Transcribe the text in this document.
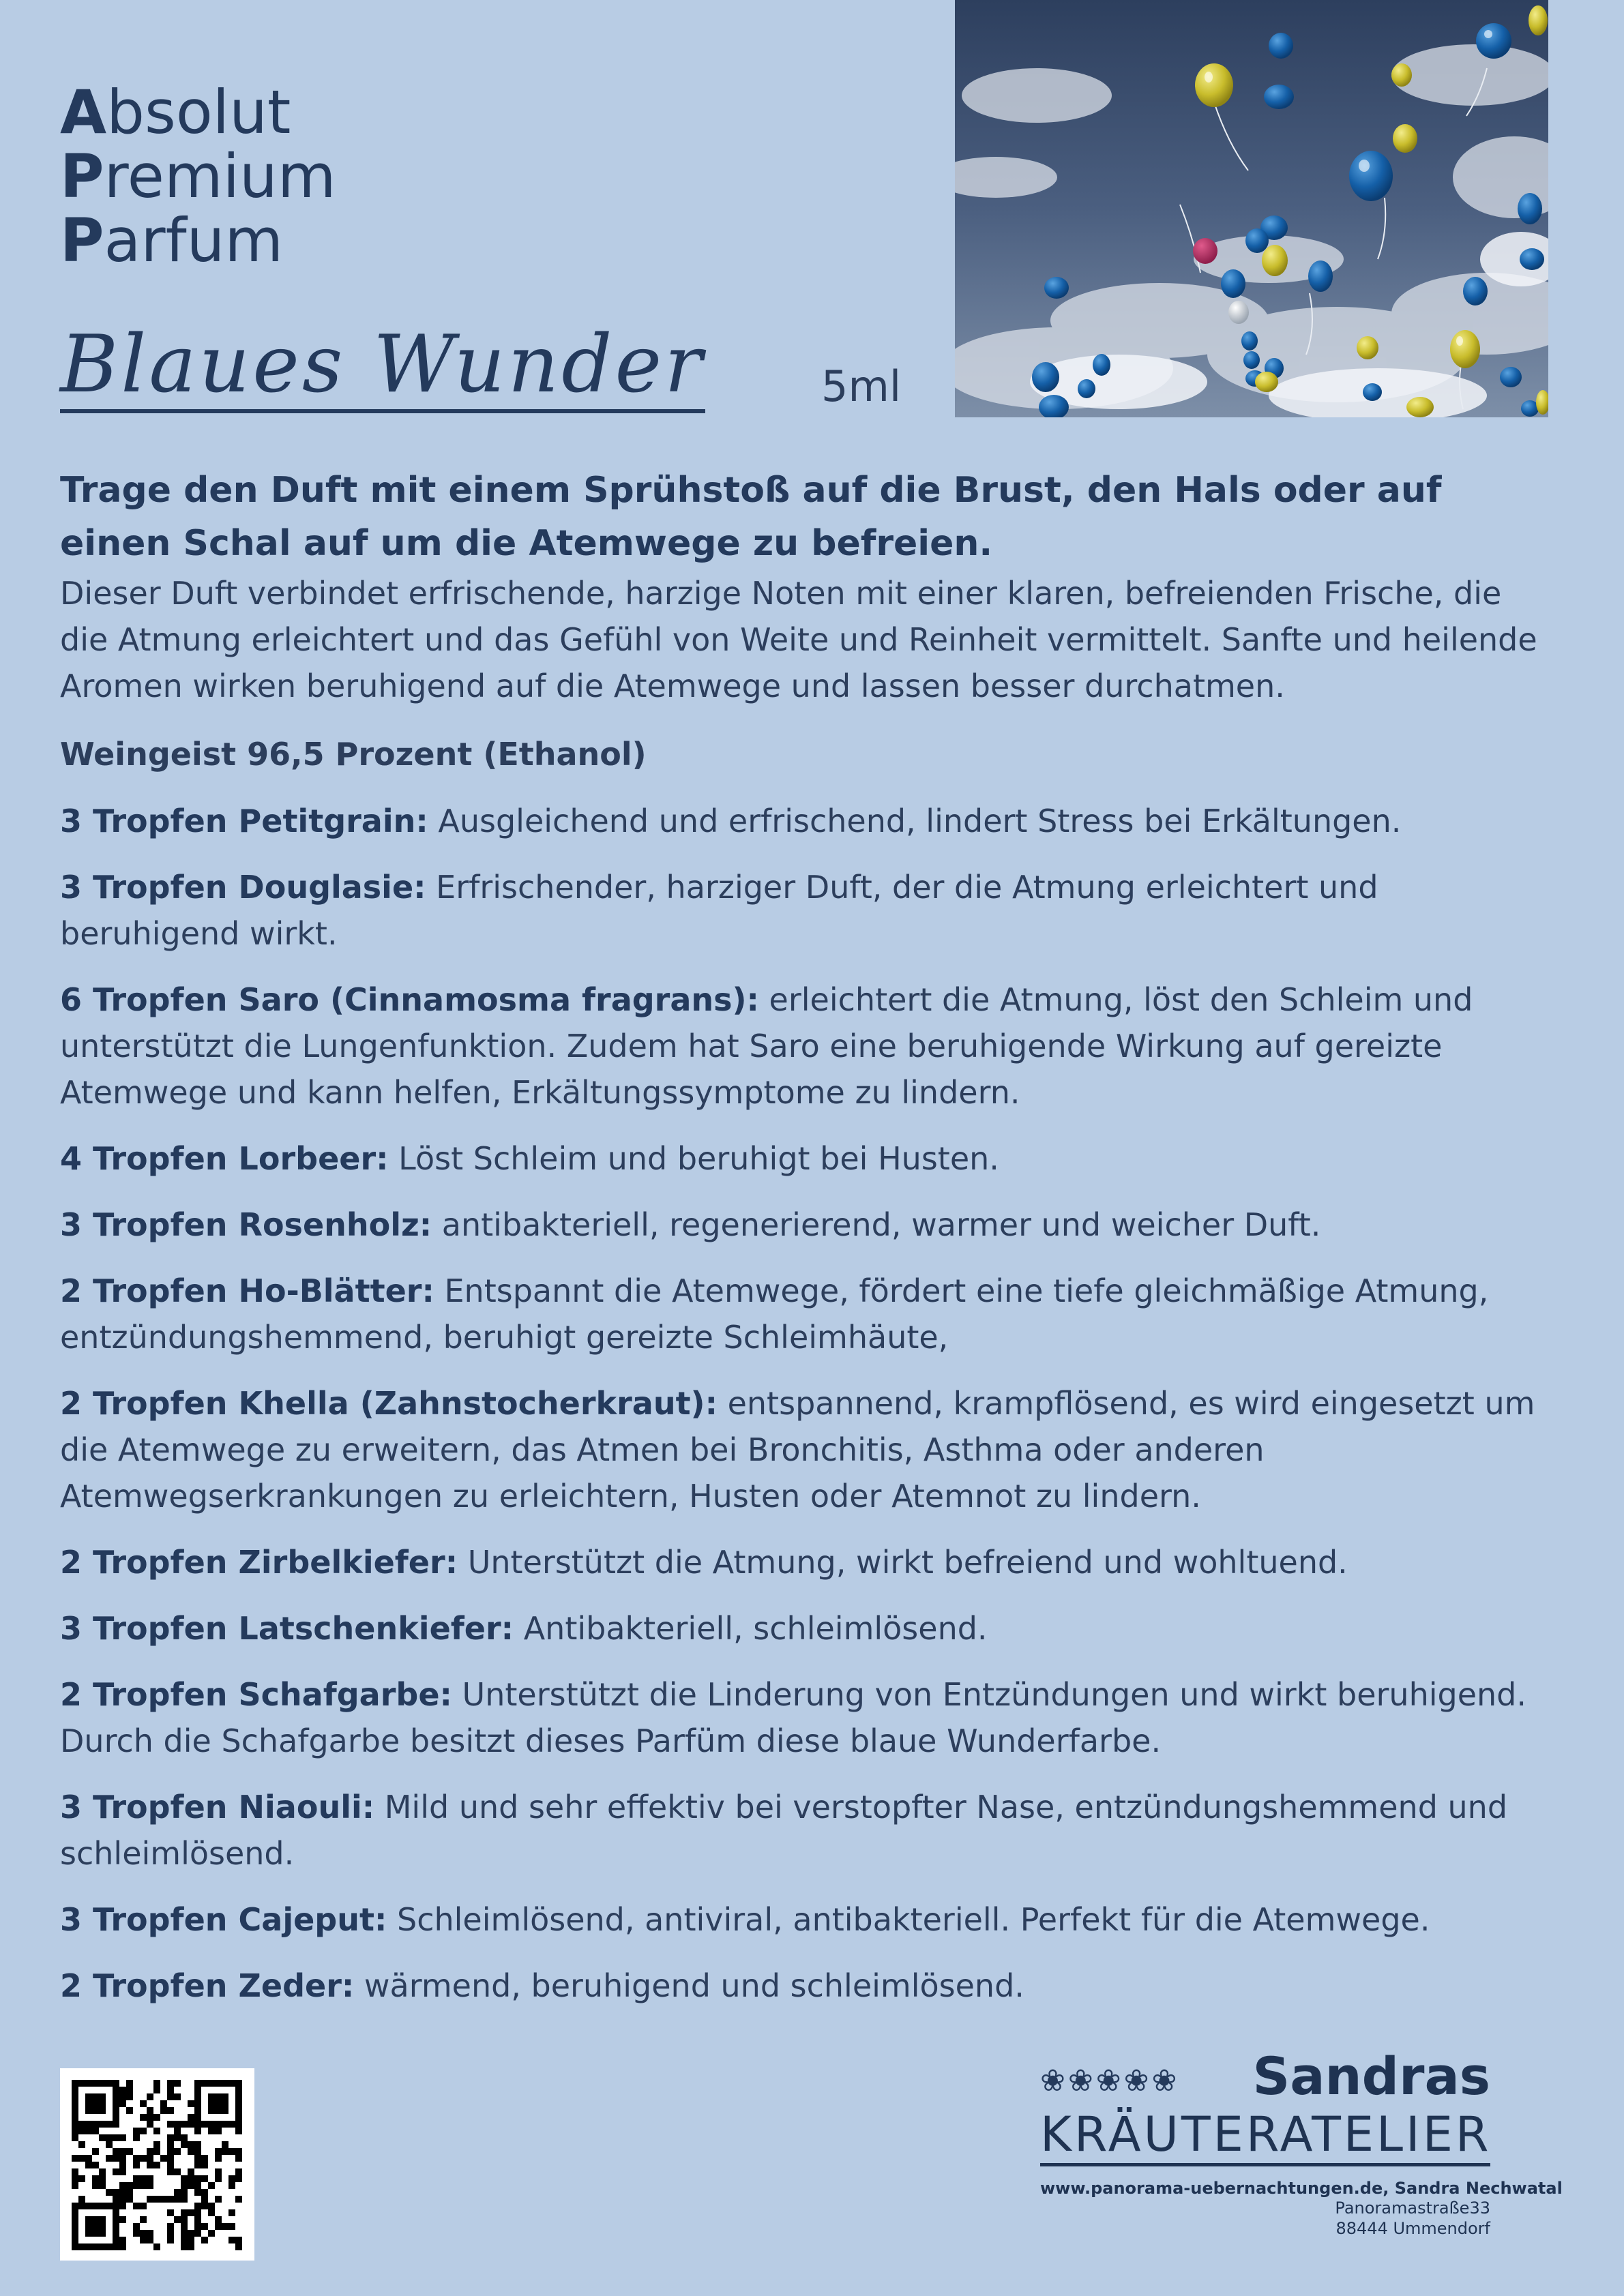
Absolut
Premium
Parfum
Blaues Wunder	5ml

Trage den Duft mit einem Sprühstoß auf die Brust, den Hals oder auf einen Schal auf um die Atemwege zu befreien.

Dieser Duft verbindet erfrischende, harzige Noten mit einer klaren, befreienden Frische, die die Atmung erleichtert und das Gefühl von Weite und Reinheit vermittelt. Sanfte und heilende Aromen wirken beruhigend auf die Atemwege und lassen besser durchatmen.

Weingeist 96,5 Prozent (Ethanol)

3 Tropfen Petitgrain: Ausgleichend und erfrischend, lindert Stress bei Erkältungen.

3 Tropfen Douglasie: Erfrischender, harziger Duft, der die Atmung erleichtert und beruhigend wirkt.

6 Tropfen Saro (Cinnamosma fragrans): erleichtert die Atmung, löst den Schleim und unterstützt die Lungenfunktion. Zudem hat Saro eine beruhigende Wirkung auf gereizte Atemwege und kann helfen, Erkältungssymptome zu lindern.

4 Tropfen Lorbeer: Löst Schleim und beruhigt bei Husten.

3 Tropfen Rosenholz: antibakteriell, regenerierend, warmer und weicher Duft.

2 Tropfen Ho-Blätter: Entspannt die Atemwege, fördert eine tiefe gleichmäßige Atmung, entzündungshemmend, beruhigt gereizte Schleimhäute,

2 Tropfen Khella (Zahnstocherkraut): entspannend, krampflösend, es wird eingesetzt um die Atemwege zu erweitern, das Atmen bei Bronchitis, Asthma oder anderen Atemwegserkrankungen zu erleichtern, Husten oder Atemnot zu lindern.

2 Tropfen Zirbelkiefer: Unterstützt die Atmung, wirkt befreiend und wohltuend.

3 Tropfen Latschenkiefer: Antibakteriell, schleimlösend.

2 Tropfen Schafgarbe: Unterstützt die Linderung von Entzündungen und wirkt beruhigend. Durch die Schafgarbe besitzt dieses Parfüm diese blaue Wunderfarbe.

3 Tropfen Niaouli: Mild und sehr effektiv bei verstopfter Nase, entzündungshemmend und schleimlösend.

3 Tropfen Cajeput: Schleimlösend, antiviral, antibakteriell. Perfekt für die Atemwege.

2 Tropfen Zeder: wärmend, beruhigend und schleimlösend.

❀❀❀❀❀ Sandras
KRÄUTERATELIER
www.panorama-uebernachtungen.de, Sandra Nechwatal
Panoramastraße33
88444 Ummendorf
